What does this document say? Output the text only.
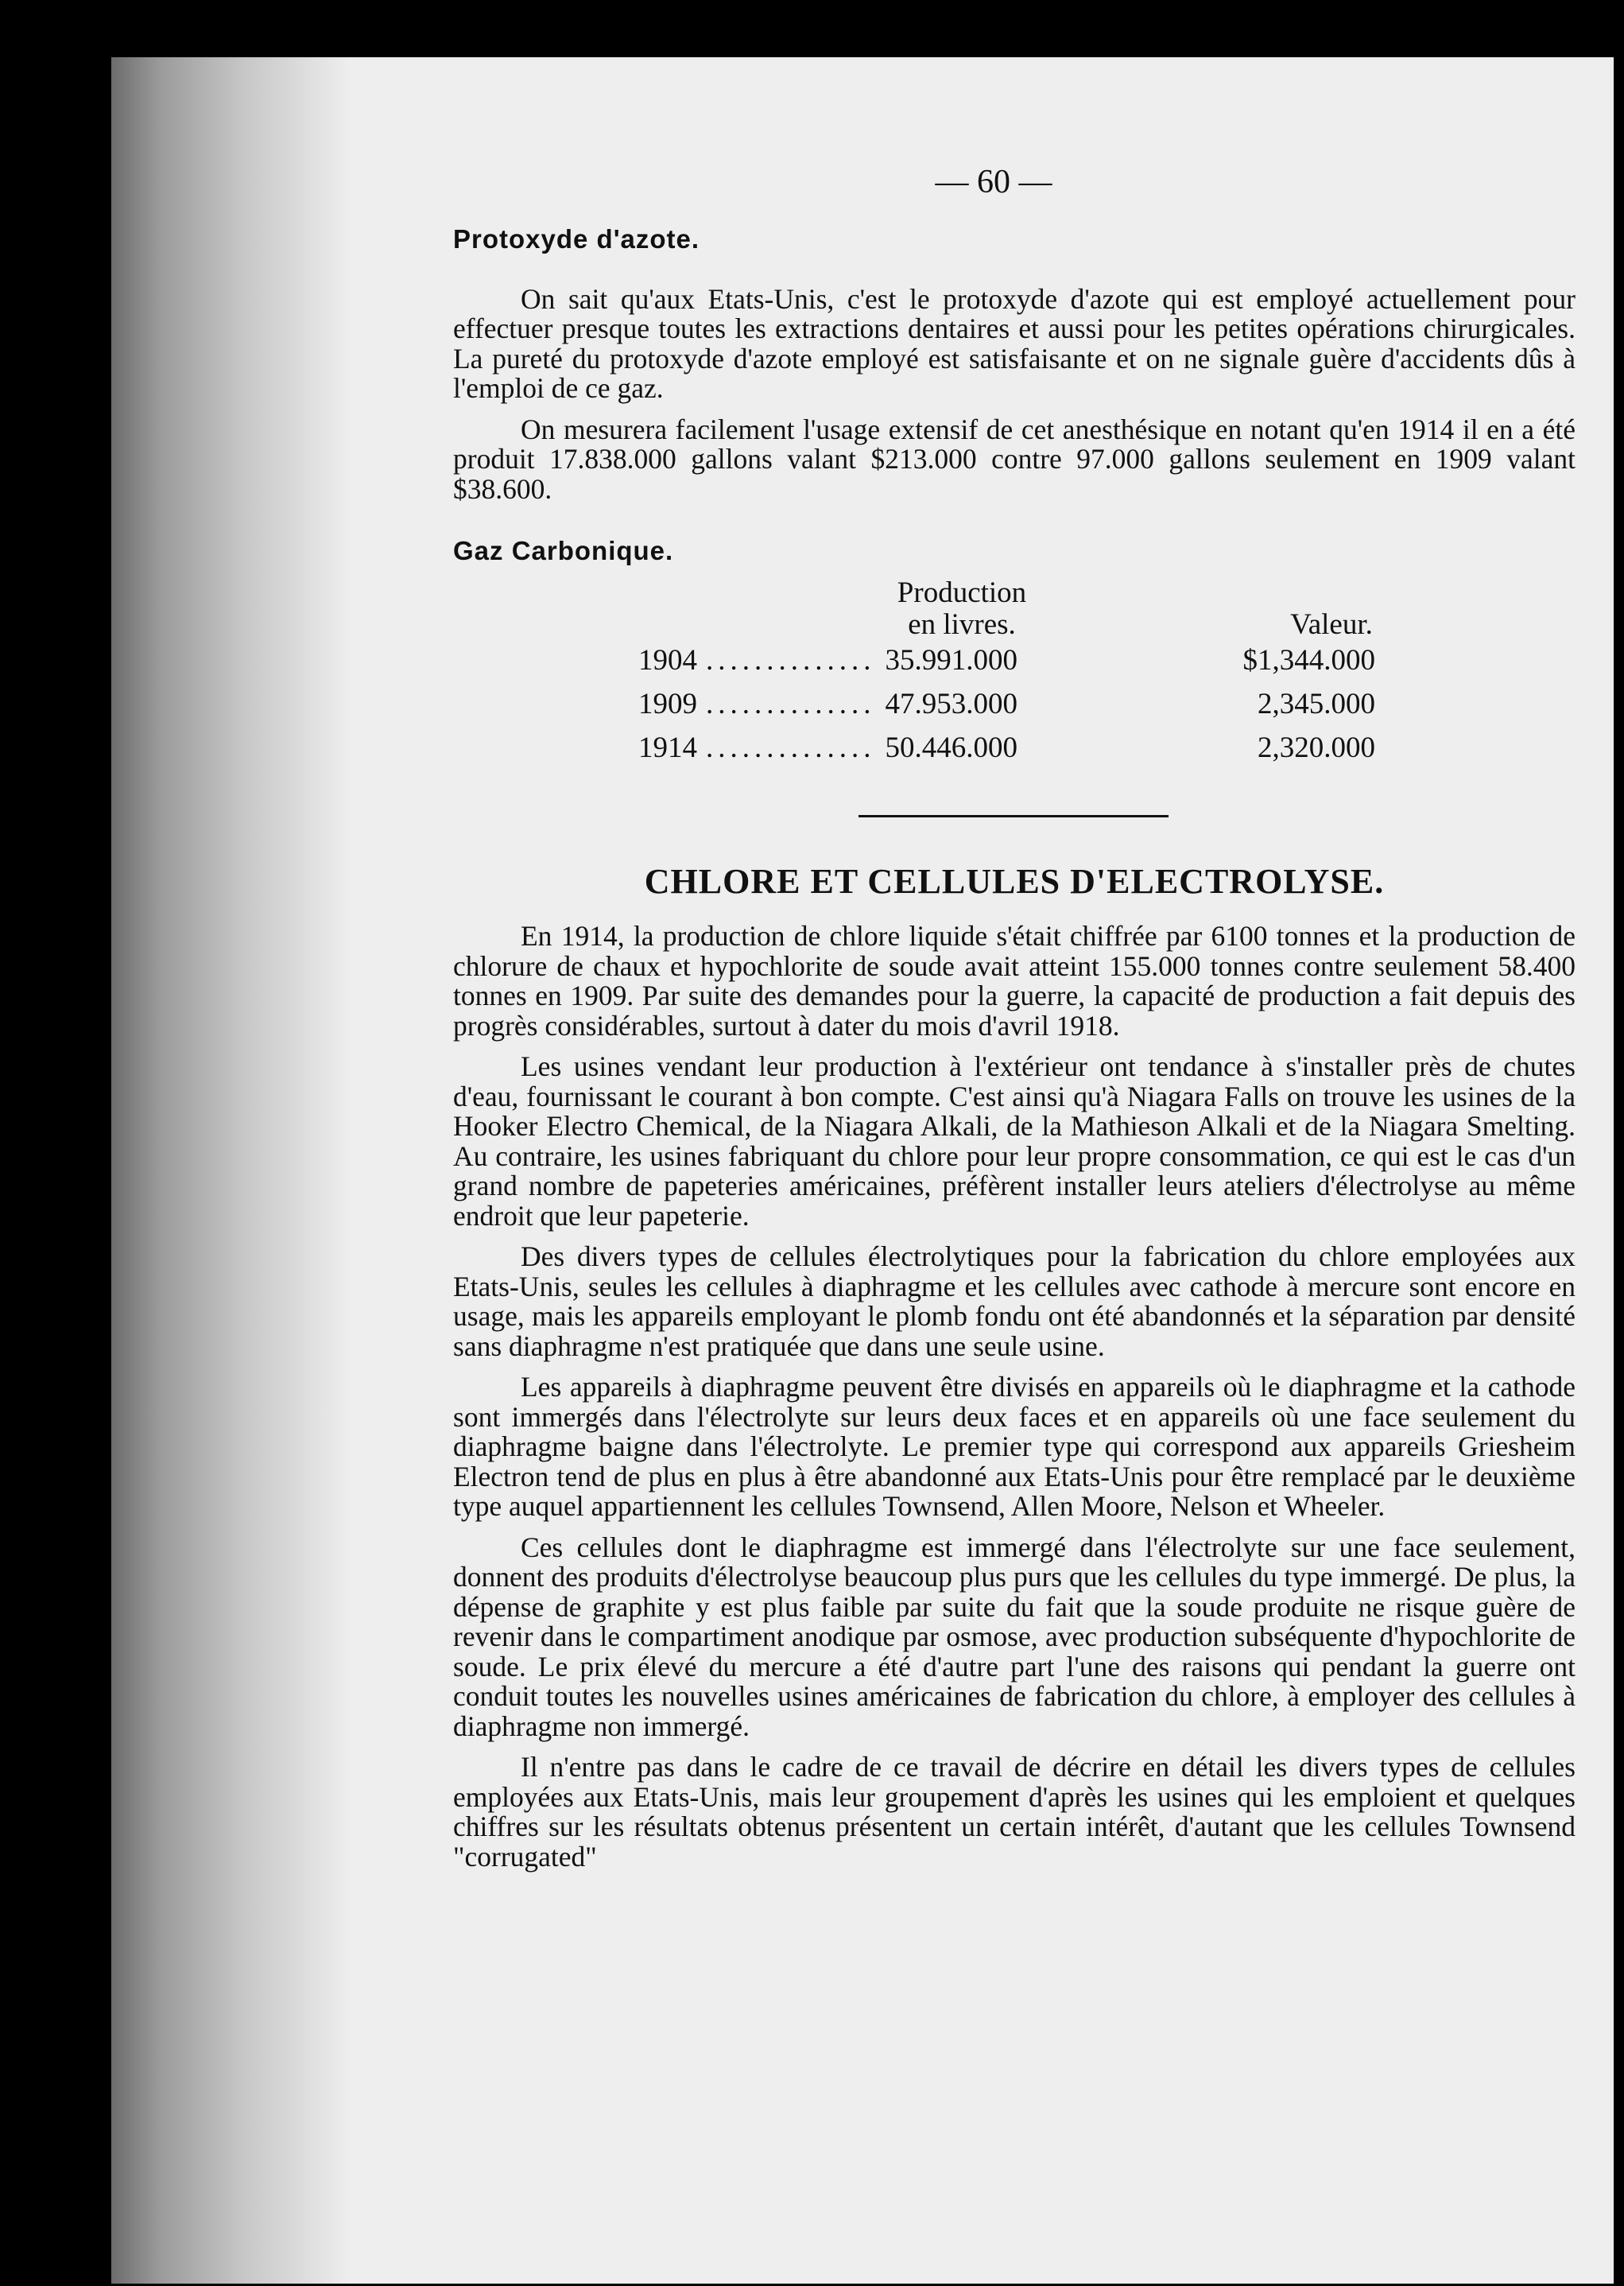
— 60 —
Protoxyde d'azote.

On sait qu'aux Etats-Unis, c'est le protoxyde d'azote qui est employé actuellement pour effectuer presque toutes les extractions dentaires et aussi pour les petites opérations chirurgicales. La pureté du protoxyde d'azote employé est satisfaisante et on ne signale guère d'accidents dûs à l'emploi de ce gaz.

On mesurera facilement l'usage extensif de cet anesthésique en notant qu'en 1914 il en a été produit 17.838.000 gallons valant $213.000 contre 97.000 gallons seulement en 1909 valant $38.600.

Gaz Carbonique.
Production
en livres.	Valeur.
1904 .............. 35.991.000	$1,344.000
1909 .............. 47.953.000	2,345.000
1914 .............. 50.446.000	2,320.000
CHLORE ET CELLULES D'ELECTROLYSE.

En 1914, la production de chlore liquide s'était chiffrée par 6100 tonnes et la production de chlorure de chaux et hypochlorite de soude avait atteint 155.000 tonnes contre seulement 58.400 tonnes en 1909. Par suite des demandes pour la guerre, la capacité de production a fait depuis des progrès considérables, surtout à dater du mois d'avril 1918.

Les usines vendant leur production à l'extérieur ont tendance à s'installer près de chutes d'eau, fournissant le courant à bon compte. C'est ainsi qu'à Niagara Falls on trouve les usines de la Hooker Electro Chemical, de la Niagara Alkali, de la Mathieson Alkali et de la Niagara Smelting. Au contraire, les usines fabriquant du chlore pour leur propre consommation, ce qui est le cas d'un grand nombre de papeteries américaines, préfèrent installer leurs ateliers d'électrolyse au même endroit que leur papeterie.

Des divers types de cellules électrolytiques pour la fabrication du chlore employées aux Etats-Unis, seules les cellules à diaphragme et les cellules avec cathode à mercure sont encore en usage, mais les appareils employant le plomb fondu ont été abandonnés et la séparation par densité sans diaphragme n'est pratiquée que dans une seule usine.

Les appareils à diaphragme peuvent être divisés en appareils où le diaphragme et la cathode sont immergés dans l'électrolyte sur leurs deux faces et en appareils où une face seulement du diaphragme baigne dans l'électrolyte. Le premier type qui correspond aux appareils Griesheim Electron tend de plus en plus à être abandonné aux Etats-Unis pour être remplacé par le deuxième type auquel appartiennent les cellules Townsend, Allen Moore, Nelson et Wheeler.

Ces cellules dont le diaphragme est immergé dans l'électrolyte sur une face seulement, donnent des produits d'électrolyse beaucoup plus purs que les cellules du type immergé. De plus, la dépense de graphite y est plus faible par suite du fait que la soude produite ne risque guère de revenir dans le compartiment anodique par osmose, avec production subséquente d'hypochlorite de soude. Le prix élevé du mercure a été d'autre part l'une des raisons qui pendant la guerre ont conduit toutes les nouvelles usines américaines de fabrication du chlore, à employer des cellules à diaphragme non immergé.

Il n'entre pas dans le cadre de ce travail de décrire en détail les divers types de cellules employées aux Etats-Unis, mais leur groupement d'après les usines qui les emploient et quelques chiffres sur les résultats obtenus présentent un certain intérêt, d'autant que les cellules Townsend "corrugated"
